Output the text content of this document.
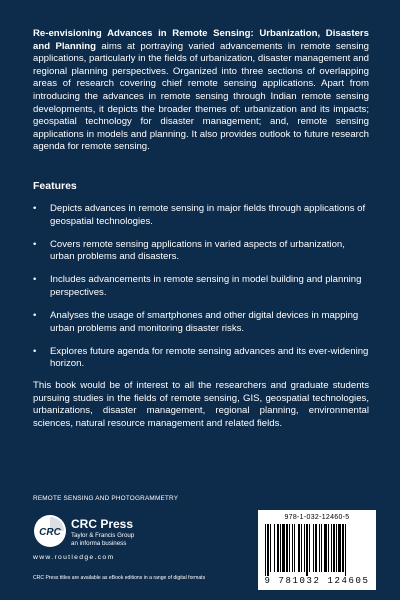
Re-envisioning Advances in Remote Sensing: Urbanization, Disasters and Planning aims at portraying varied advancements in remote sensing applications, particularly in the fields of urbanization, disaster management and regional planning perspectives. Organized into three sections of overlapping areas of research covering chief remote sensing applications. Apart from introducing the advances in remote sensing through Indian remote sensing developments, it depicts the broader themes of: urbanization and its impacts; geospatial technology for disaster management; and, remote sensing applications in models and planning. It also provides outlook to future research agenda for remote sensing.

Features

• Depicts advances in remote sensing in major fields through applications of geospatial technologies.
• Covers remote sensing applications in varied aspects of urbanization, urban problems and disasters.
• Includes advancements in remote sensing in model building and planning perspectives.
• Analyses the usage of smartphones and other digital devices in mapping urban problems and monitoring disaster risks.
• Explores future agenda for remote sensing advances and its ever-widening horizon.

This book would be of interest to all the researchers and graduate students pursuing studies in the fields of remote sensing, GIS, geospatial technologies, urbanizations, disaster management, regional planning, environmental sciences, natural resource management and related fields.

REMOTE SENSING AND PHOTOGRAMMETRY

CRC
CRC Press
Taylor & Francis Group
an informa business
www.routledge.com

CRC Press titles are available as eBook editions in a range of digital formats

978-1-032-12460-5
9 781032 124605
